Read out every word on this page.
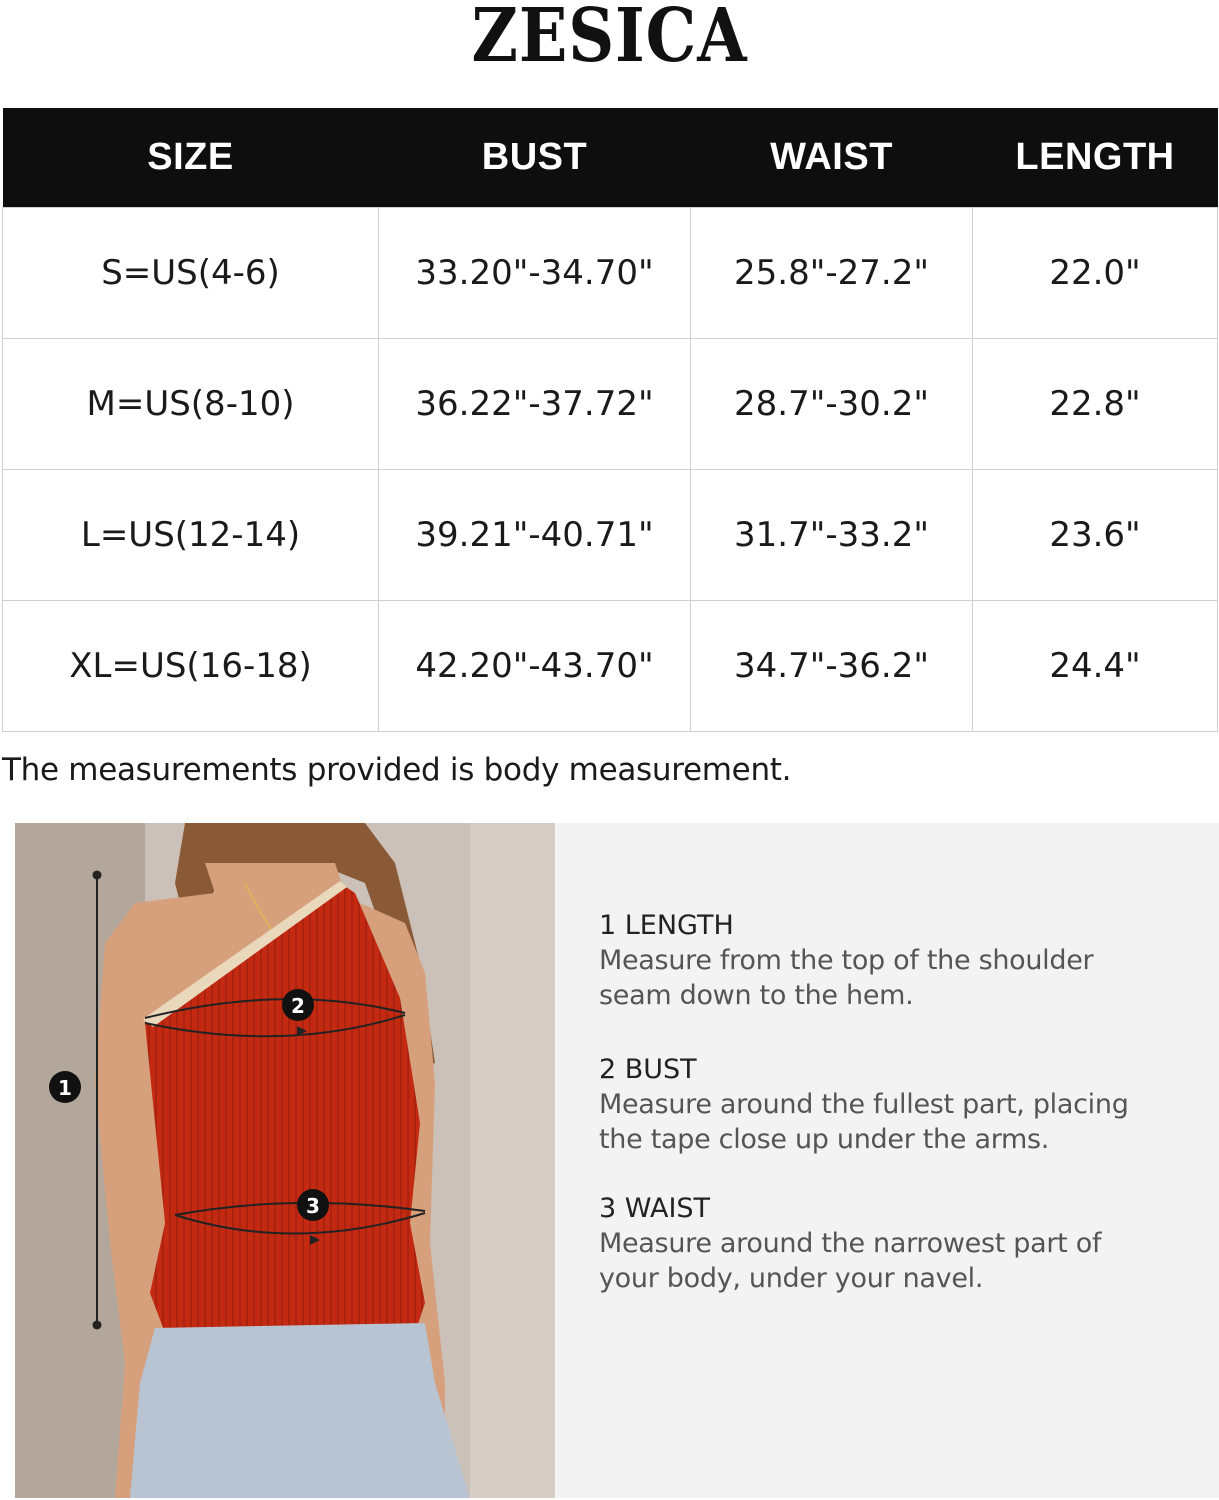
ZESICA
SIZE	BUST	WAIST	LENGTH
S=US(4-6)	33.20"-34.70"	25.8"-27.2"	22.0"
M=US(8-10)	36.22"-37.72"	28.7"-30.2"	22.8"
L=US(12-14)	39.21"-40.71"	31.7"-33.2"	23.6"
XL=US(16-18)	42.20"-43.70"	34.7"-36.2"	24.4"
The measurements provided is body measurement.
1
2
3
1 LENGTH
Measure from the top of the shoulder
seam down to the hem.
2 BUST
Measure around the fullest part, placing
the tape close up under the arms.
3 WAIST
Measure around the narrowest part of
your body, under your navel.
